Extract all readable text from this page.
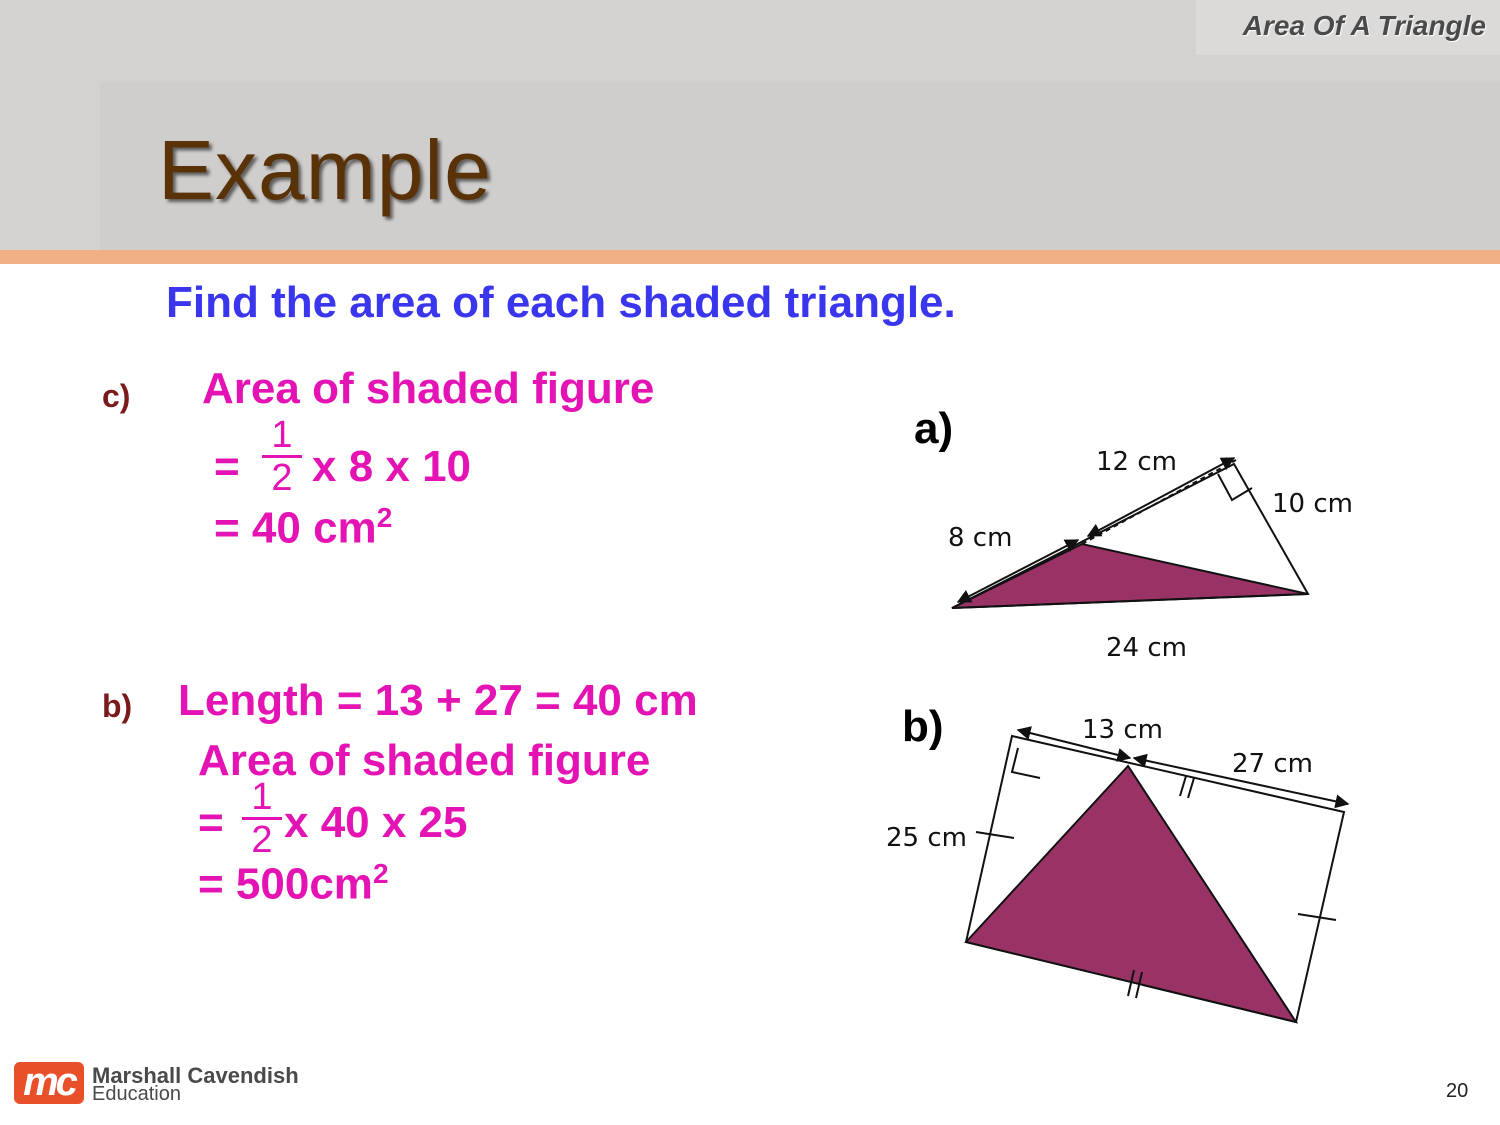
Area Of A Triangle
Example
Find the area of each shaded triangle.
c) Area of shaded figure
= $\frac{1}{2}$ x 8 x 10
= 40 $cm^2$
b) Length = 13 + 27 = 40 cm
Area of shaded figure
= $\frac{1}{2}$ x 40 x 25
= $500cm^2$
a)
12 cm
10 cm
8 cm
24 cm
b)	13 cm
27 cm
25 cm
mc Marshall Cavendish
Education	20
